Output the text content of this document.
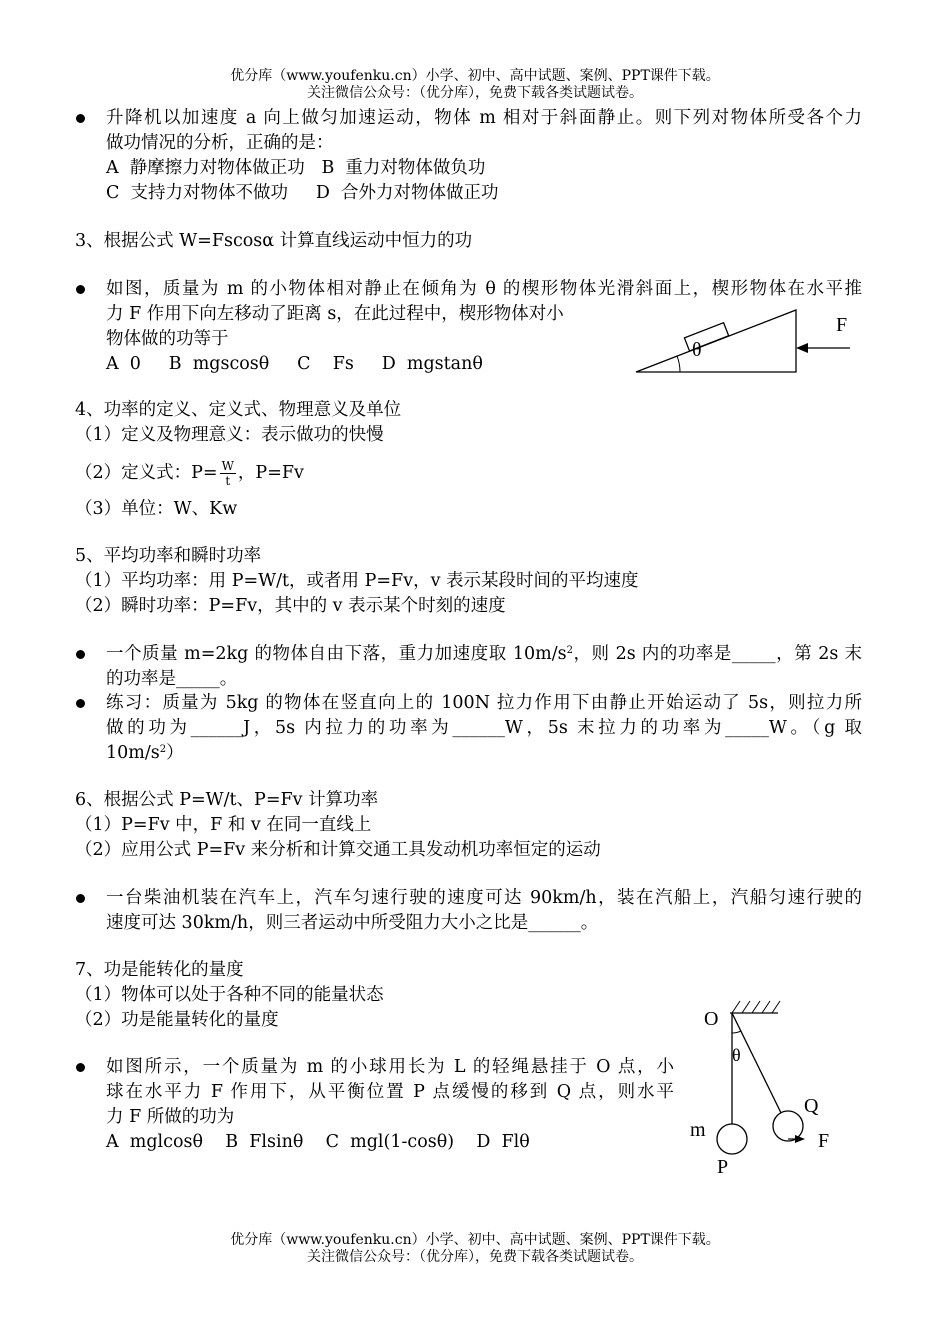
优分库（www.youfenku.cn）小学、初中、高中试题、案例、PPT课件下载。
关注微信公众号：（优分库），免费下载各类试题试卷。
升降机以加速度 a 向上做匀加速运动，物体 m 相对于斜面静止。则下列对物体所受各个力
做功情况的分析，正确的是：
A  静摩擦力对物体做正功   B  重力对物体做负功
C  支持力对物体不做功     D  合外力对物体做正功
3、根据公式 W=Fscosα 计算直线运动中恒力的功
如图，质量为 m 的小物体相对静止在倾角为 θ 的楔形物体光滑斜面上，楔形物体在水平推
力 F 作用下向左移动了距离 s，在此过程中，楔形物体对小
物体做的功等于
A  0     B  mgscosθ     C    Fs     D  mgstanθ
θ
F
4、功率的定义、定义式、物理意义及单位
（1）定义及物理意义：表示做功的快慢
（2）定义式：$P= \frac{W}{t}$ ，P=Fv
（3）单位：W、Kw
5、平均功率和瞬时功率
（1）平均功率：用 P=W/t，或者用 P=Fv，v 表示某段时间的平均速度
（2）瞬时功率：P=Fv，其中的 v 表示某个时刻的速度
一个质量 m=2kg 的物体自由下落，重力加速度取 $10m/s^2$，则 2s 内的功率是_____，第 2s 末
的功率是_____。
练习：质量为 5kg 的物体在竖直向上的 100N 拉力作用下由静止开始运动了 5s，则拉力所
做的功为______J，5s 内拉力的功率为______W，5s 末拉力的功率为_____W。（g 取
$10m/s^2$）
6、根据公式 P=W/t、P=Fv 计算功率
（1）P=Fv 中，F 和 v 在同一直线上
（2）应用公式 P=Fv 来分析和计算交通工具发动机功率恒定的运动
一台柴油机装在汽车上，汽车匀速行驶的速度可达 90km/h，装在汽船上，汽船匀速行驶的
速度可达 30km/h，则三者运动中所受阻力大小之比是______。
7、功是能转化的量度
（1）物体可以处于各种不同的能量状态
（2）功是能量转化的量度
如图所示，一个质量为 m 的小球用长为 L 的轻绳悬挂于 O 点，小
球在水平力 F 作用下，从平衡位置 P 点缓慢的移到 Q 点，则水平
力 F 所做的功为
A  mglcosθ    B  Flsinθ    C  mgl(1-cosθ)    D  Flθ
O
θ
Q
m	F
P
优分库（www.youfenku.cn）小学、初中、高中试题、案例、PPT课件下载。
关注微信公众号：（优分库），免费下载各类试题试卷。
